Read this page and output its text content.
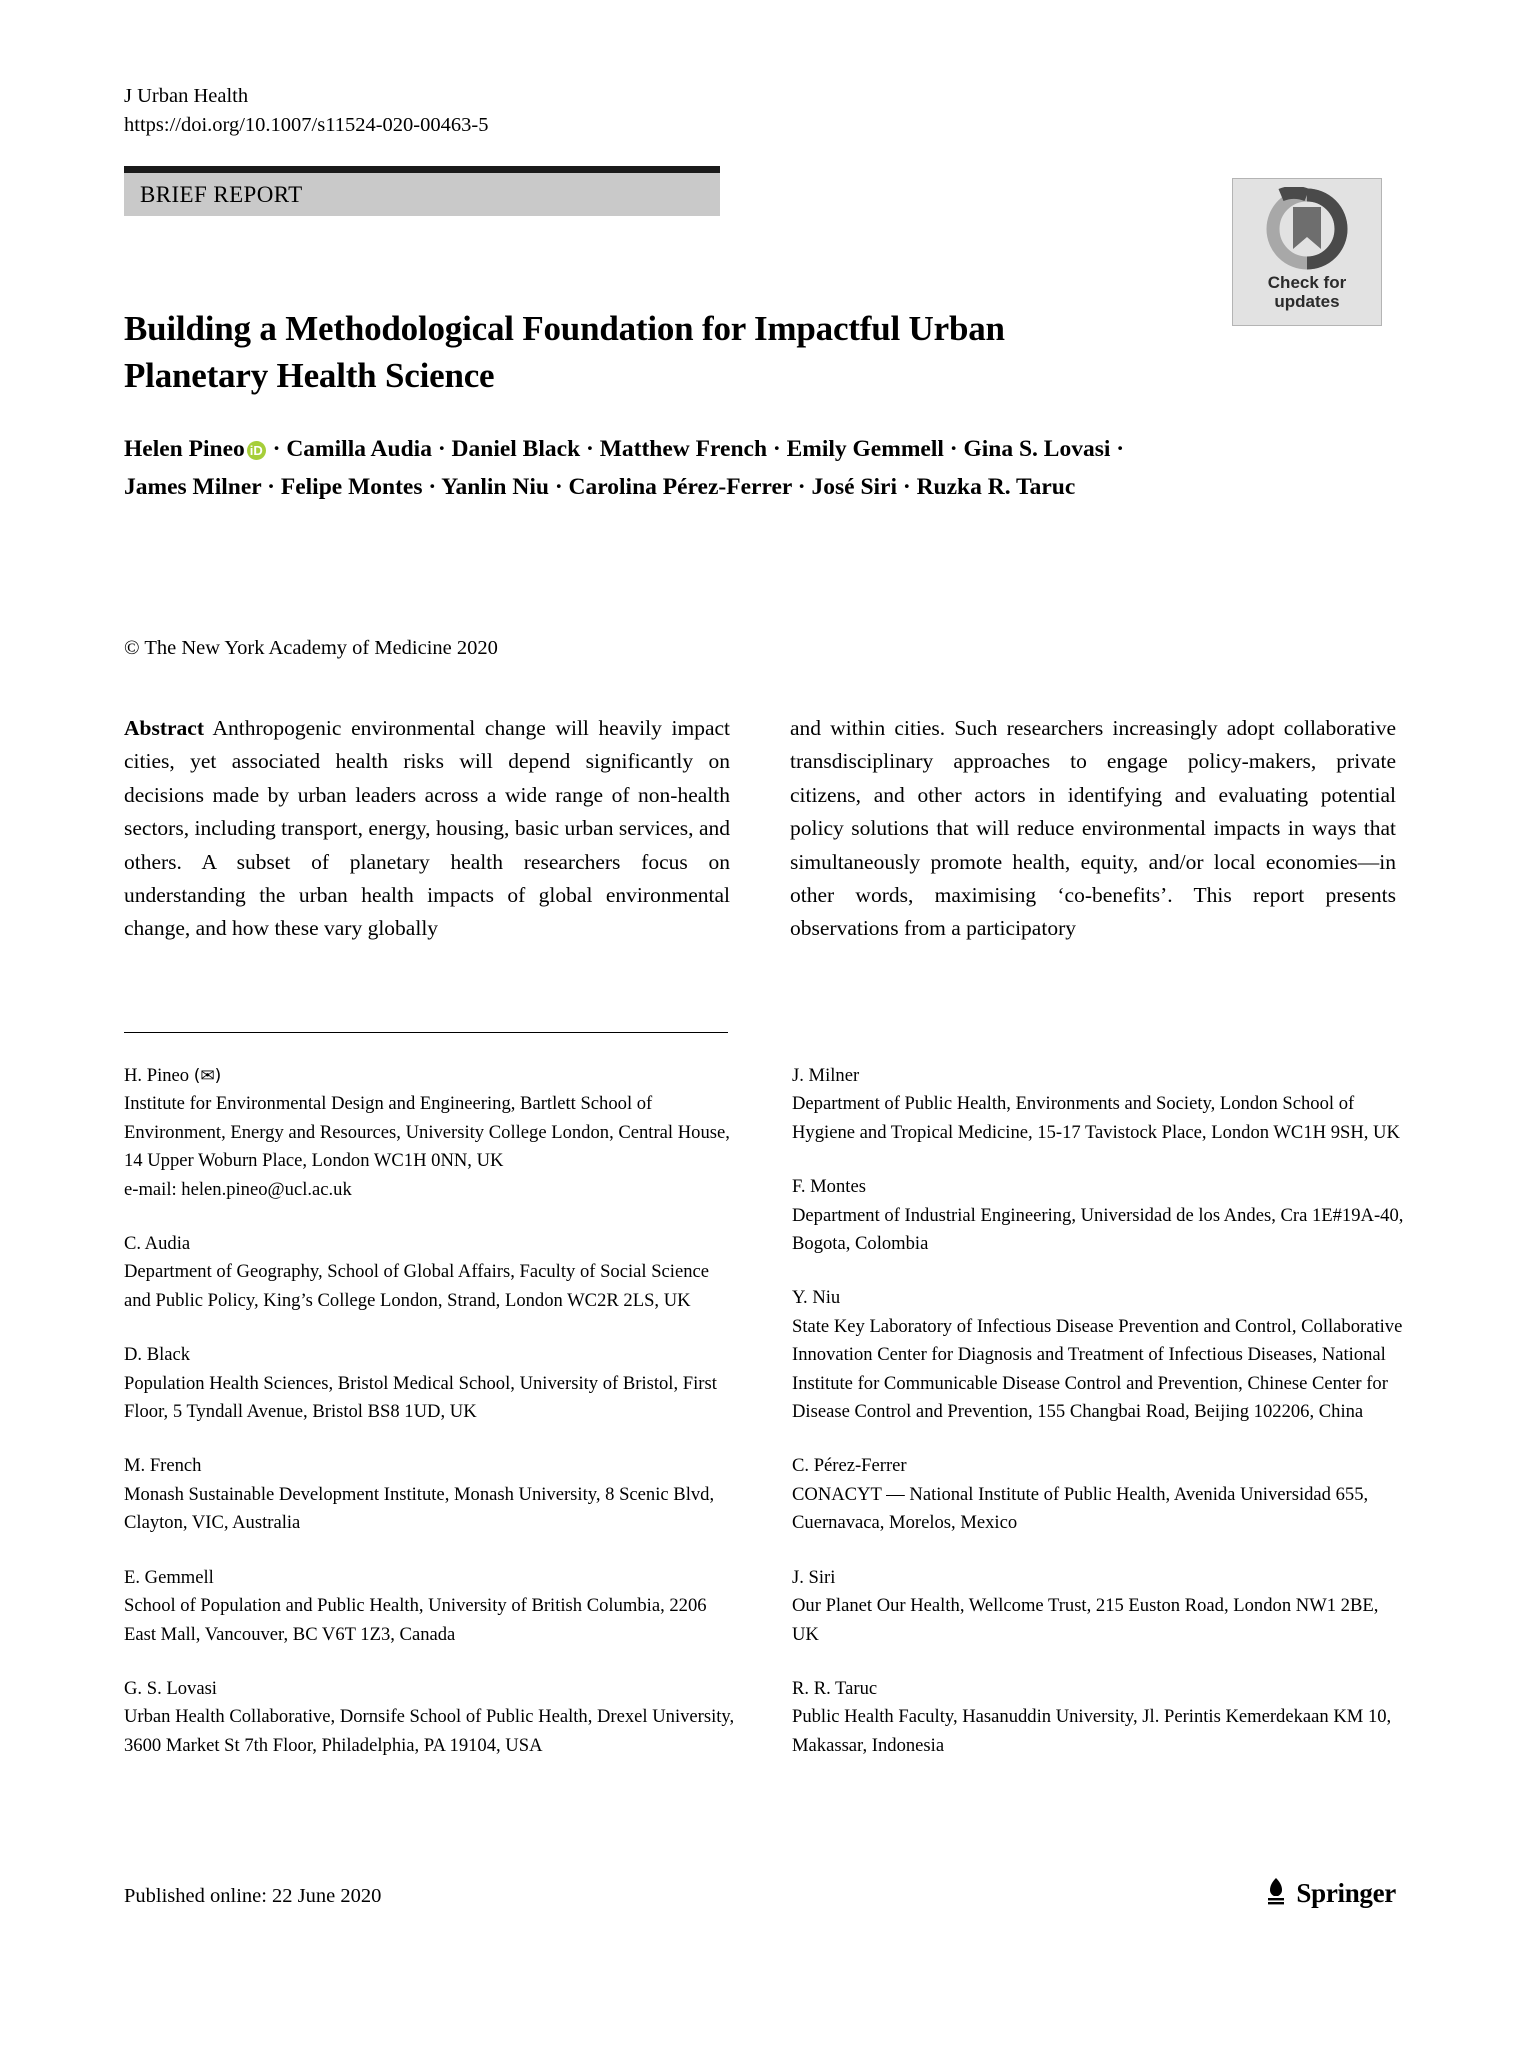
J Urban Health
https://doi.org/10.1007/s11524-020-00463-5
BRIEF REPORT
Check for
updates
Building a Methodological Foundation for Impactful Urban Planetary Health Science
Helen Pineo iD · Camilla Audia · Daniel Black · Matthew French · Emily Gemmell · Gina S. Lovasi · James Milner · Felipe Montes · Yanlin Niu · Carolina Pérez-Ferrer · José Siri · Ruzka R. Taruc
© The New York Academy of Medicine 2020

Abstract Anthropogenic environmental change will heavily impact cities, yet associated health risks will depend significantly on decisions made by urban leaders across a wide range of non-health sectors, including transport, energy, housing, basic urban services, and others. A subset of planetary health researchers focus on understanding the urban health impacts of global environmental change, and how these vary globally

and within cities. Such researchers increasingly adopt collaborative transdisciplinary approaches to engage policy-makers, private citizens, and other actors in identifying and evaluating potential policy solutions that will reduce environmental impacts in ways that simultaneously promote health, equity, and/or local economies—in other words, maximising ‘co-benefits’. This report presents observations from a participatory

H. Pineo (✉)
Institute for Environmental Design and Engineering, Bartlett School of Environment, Energy and Resources, University College London, Central House, 14 Upper Woburn Place, London WC1H 0NN, UK
e-mail: helen.pineo@ucl.ac.uk
C. Audia
Department of Geography, School of Global Affairs, Faculty of Social Science and Public Policy, King’s College London, Strand, London WC2R 2LS, UK
D. Black
Population Health Sciences, Bristol Medical School, University of Bristol, First Floor, 5 Tyndall Avenue, Bristol BS8 1UD, UK
M. French
Monash Sustainable Development Institute, Monash University, 8 Scenic Blvd, Clayton, VIC, Australia
E. Gemmell
School of Population and Public Health, University of British Columbia, 2206 East Mall, Vancouver, BC V6T 1Z3, Canada
G. S. Lovasi
Urban Health Collaborative, Dornsife School of Public Health, Drexel University, 3600 Market St 7th Floor, Philadelphia, PA 19104, USA
J. Milner
Department of Public Health, Environments and Society, London School of Hygiene and Tropical Medicine, 15-17 Tavistock Place, London WC1H 9SH, UK
F. Montes
Department of Industrial Engineering, Universidad de los Andes, Cra 1E#19A-40, Bogota, Colombia
Y. Niu
State Key Laboratory of Infectious Disease Prevention and Control, Collaborative Innovation Center for Diagnosis and Treatment of Infectious Diseases, National Institute for Communicable Disease Control and Prevention, Chinese Center for Disease Control and Prevention, 155 Changbai Road, Beijing 102206, China
C. Pérez-Ferrer
CONACYT — National Institute of Public Health, Avenida Universidad 655, Cuernavaca, Morelos, Mexico
J. Siri
Our Planet Our Health, Wellcome Trust, 215 Euston Road, London NW1 2BE, UK
R. R. Taruc
Public Health Faculty, Hasanuddin University, Jl. Perintis Kemerdekaan KM 10, Makassar, Indonesia
Published online: 22 June 2020	Springer
